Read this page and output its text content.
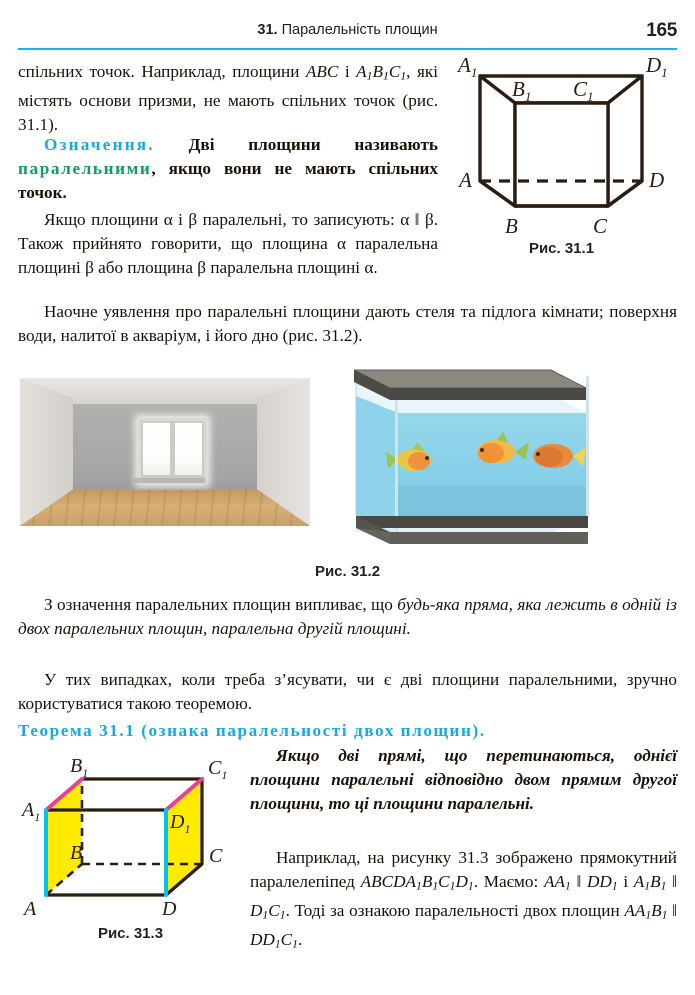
31. Паралельність площин	165
спільних точок. Наприклад, площини ABC і $A_1B_1C_1$, які містять основи призми, не мають спільних точок (рис. 31.1).
Означення. Дві площини називають паралельними, якщо вони не мають спільних точок.
Якщо площини α і β паралельні, то записують: α ǁ β. Також прийнято говорити, що площина α паралельна площині β або площина β паралельна площині α.
Наочне уявлення про паралельні площини дають стеля та підлога кімнати; поверхня води, налитої в акваріум, і його дно (рис. 31.2).
$A_1$	$D_1$
$B_1$ $C_1$
A	D
B	C
Рис. 31.1
Рис. 31.2
З означення паралельних площин випливає, що будь-яка пряма, яка лежить в одній із двох паралельних площин, паралельна другій площині.
У тих випадках, коли треба з’ясувати, чи є дві площини паралельними, зручно користуватися такою теоремою.
Теорема 31.1 (ознака паралельності двох площин).
Якщо дві прямі, що перетинаються, однієї площини паралельні відповідно двом прямим другої площини, то ці площини паралельні.
Наприклад, на рисунку 31.3 зображено прямокутний паралелепіпед $ABCDA_1B_1C_1D_1$. Маємо: $AA_1$ ǁ $DD_1$ і $A_1B_1$ ǁ $D_1C_1$. Тоді за ознакою паралельності двох площин $AA_1B_1$ ǁ $DD_1C_1$.
$A_1$
$B_1$	$C_1$
$D_1$
B	C
A	D
Рис. 31.3
